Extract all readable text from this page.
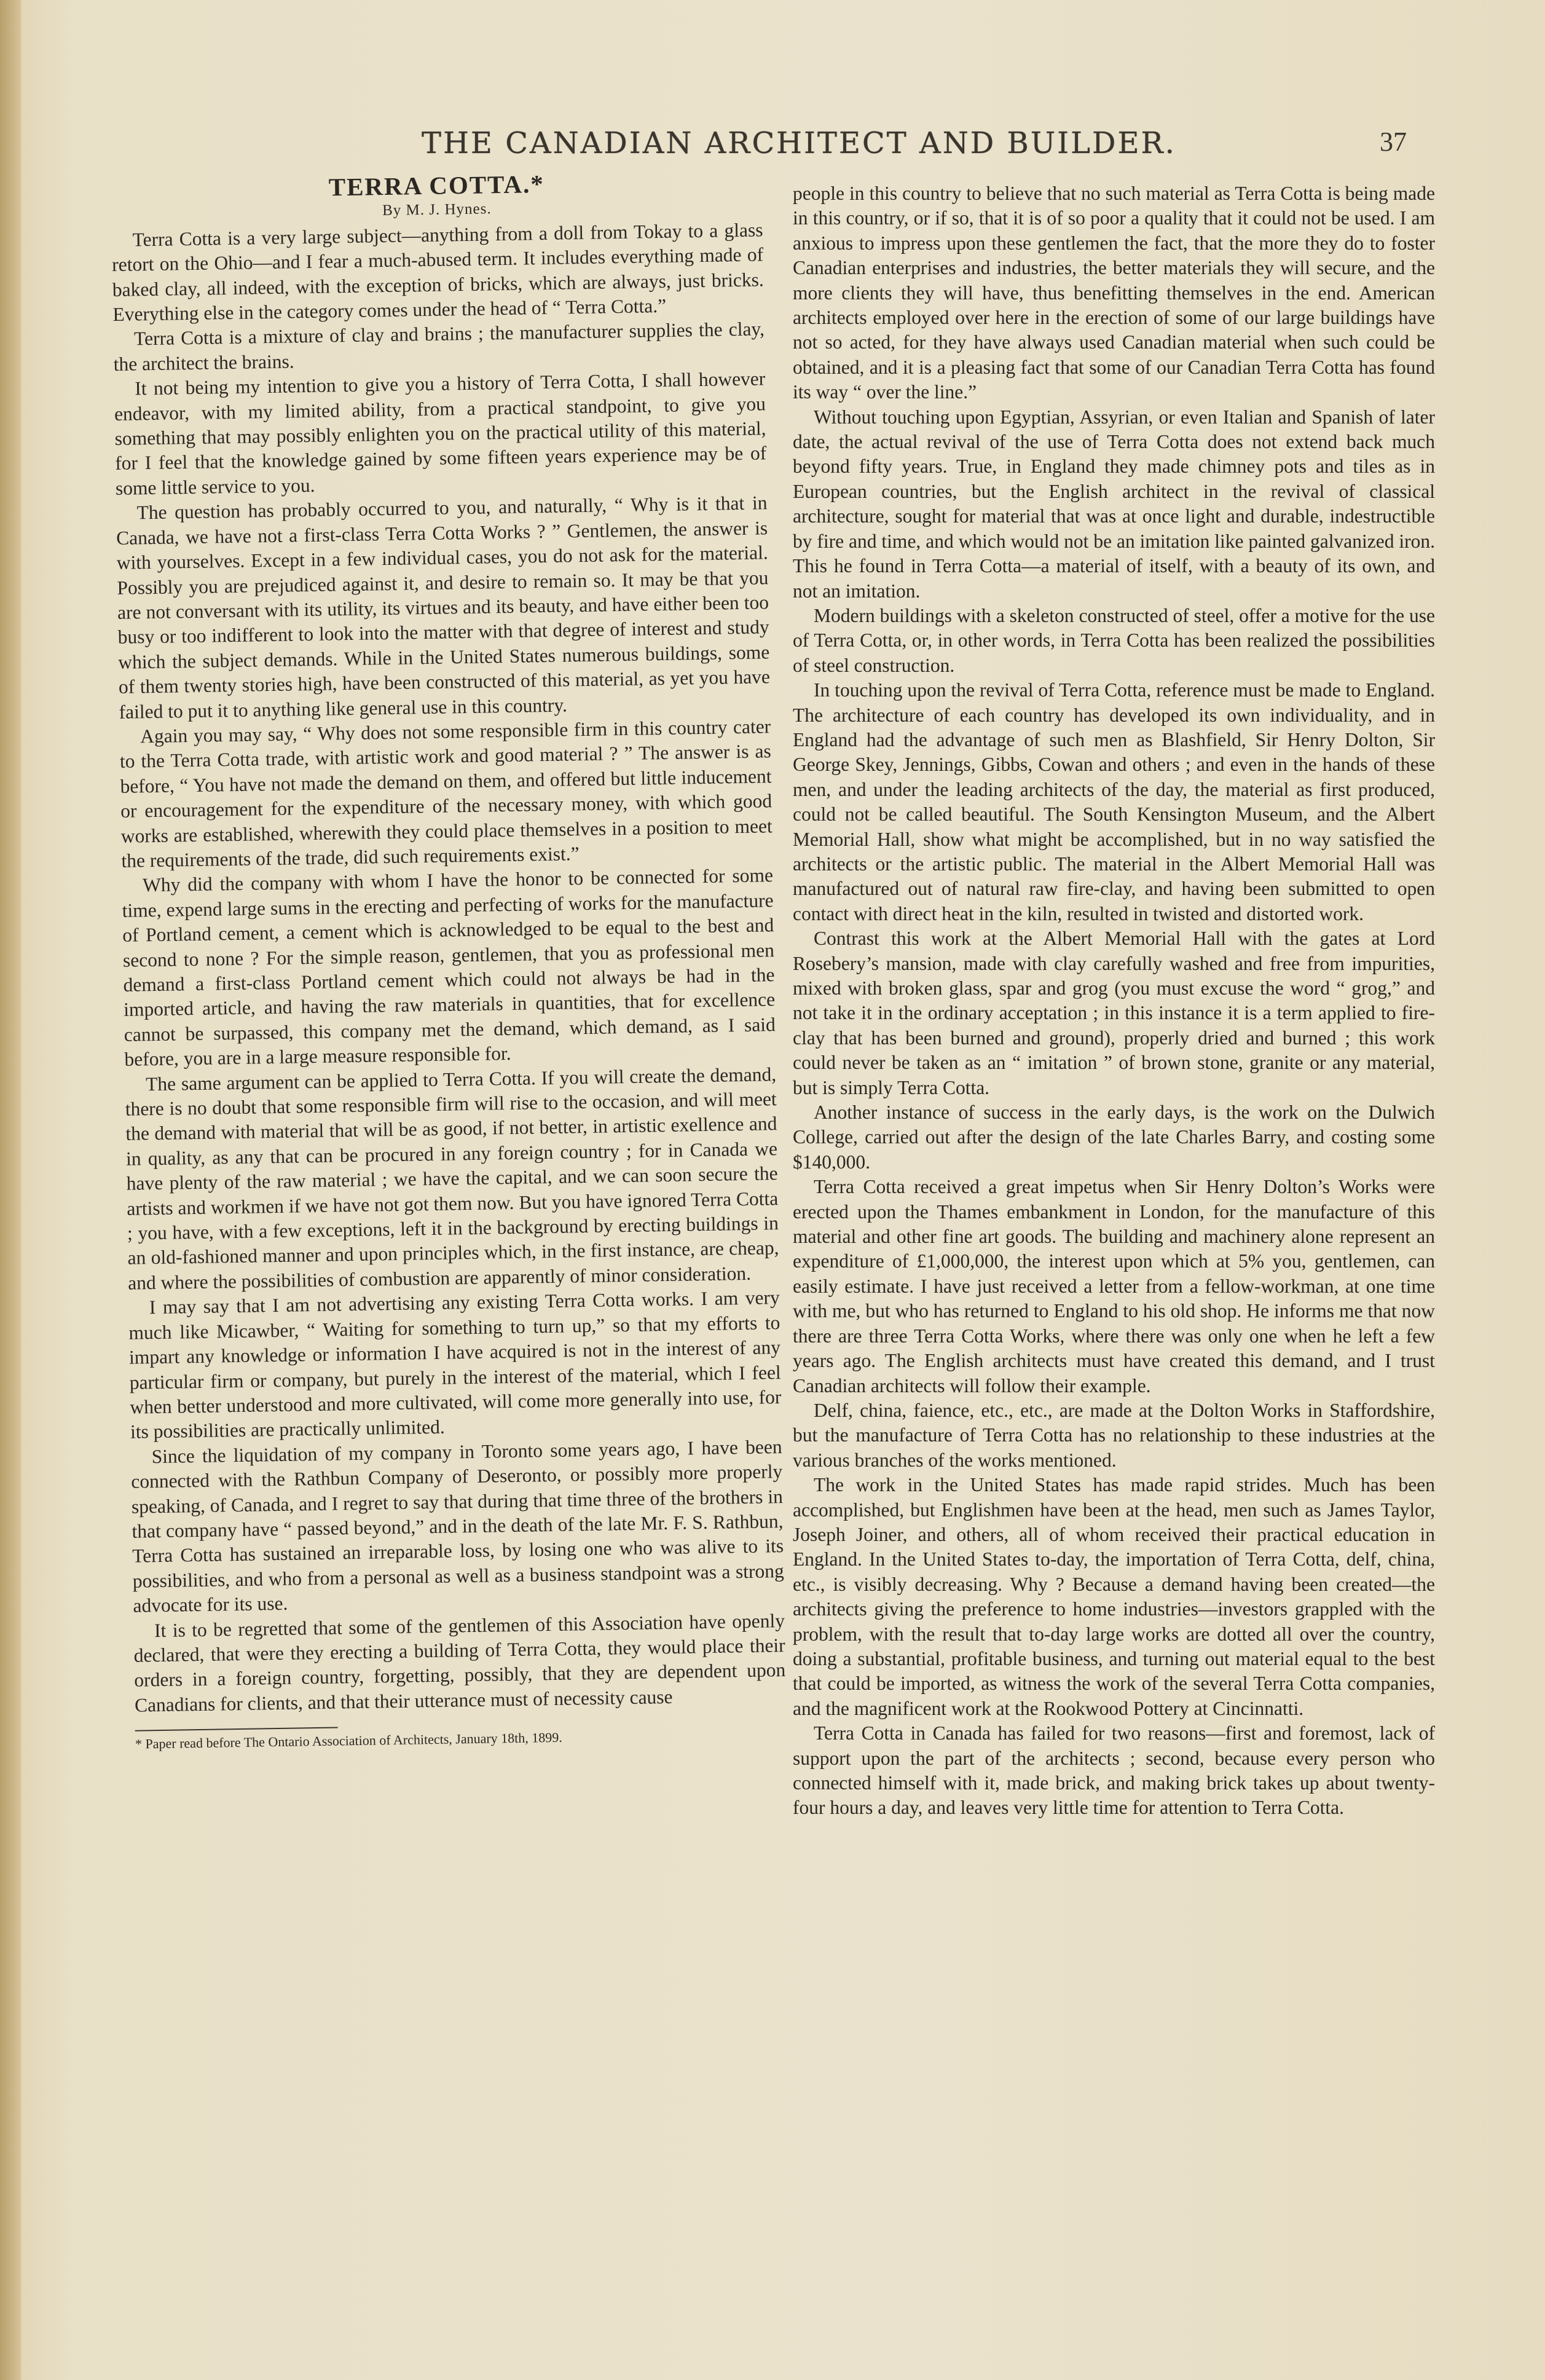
THE CANADIAN ARCHITECT AND BUILDER.	37

TERRA COTTA.*

By M. J. Hynes.

Terra Cotta is a very large subject—anything from a doll from Tokay to a glass retort on the Ohio—and I fear a much-abused term. It includes everything made of baked clay, all indeed, with the exception of bricks, which are always, just bricks. Everything else in the category comes under the head of “ Terra Cotta.”

Terra Cotta is a mixture of clay and brains ; the manufacturer supplies the clay, the architect the brains.

It not being my intention to give you a history of Terra Cotta, I shall however endeavor, with my limited ability, from a practical standpoint, to give you something that may possibly enlighten you on the practical utility of this material, for I feel that the knowledge gained by some fifteen years experience may be of some little service to you.

The question has probably occurred to you, and naturally, “ Why is it that in Canada, we have not a first-class Terra Cotta Works ? ” Gentlemen, the answer is with yourselves. Except in a few individual cases, you do not ask for the material. Possibly you are prejudiced against it, and desire to remain so. It may be that you are not conversant with its utility, its virtues and its beauty, and have either been too busy or too indifferent to look into the matter with that degree of interest and study which the subject demands. While in the United States numerous buildings, some of them twenty stories high, have been constructed of this material, as yet you have failed to put it to anything like general use in this country.

Again you may say, “ Why does not some responsible firm in this country cater to the Terra Cotta trade, with artistic work and good material ? ” The answer is as before, “ You have not made the demand on them, and offered but little inducement or encouragement for the expenditure of the necessary money, with which good works are established, wherewith they could place themselves in a position to meet the requirements of the trade, did such requirements exist.”

Why did the company with whom I have the honor to be connected for some time, expend large sums in the erecting and perfecting of works for the manufacture of Portland cement, a cement which is acknowledged to be equal to the best and second to none ? For the simple reason, gentlemen, that you as professional men demand a first-class Portland cement which could not always be had in the imported article, and having the raw materials in quantities, that for excellence cannot be surpassed, this company met the demand, which demand, as I said before, you are in a large measure responsible for.

The same argument can be applied to Terra Cotta. If you will create the demand, there is no doubt that some responsible firm will rise to the occasion, and will meet the demand with material that will be as good, if not better, in artistic exellence and in quality, as any that can be procured in any foreign country ; for in Canada we have plenty of the raw material ; we have the capital, and we can soon secure the artists and workmen if we have not got them now. But you have ignored Terra Cotta ; you have, with a few exceptions, left it in the background by erecting buildings in an old-fashioned manner and upon principles which, in the first instance, are cheap, and where the possibilities of combustion are apparently of minor consideration.

I may say that I am not advertising any existing Terra Cotta works. I am very much like Micawber, “ Waiting for something to turn up,” so that my efforts to impart any knowledge or information I have acquired is not in the interest of any particular firm or company, but purely in the interest of the material, which I feel when better understood and more cultivated, will come more generally into use, for its possibilities are practically unlimited.

Since the liquidation of my company in Toronto some years ago, I have been connected with the Rathbun Company of Deseronto, or possibly more properly speaking, of Canada, and I regret to say that during that time three of the brothers in that company have “ passed beyond,” and in the death of the late Mr. F. S. Rathbun, Terra Cotta has sustained an irreparable loss, by losing one who was alive to its possibilities, and who from a personal as well as a business standpoint was a strong advocate for its use.

It is to be regretted that some of the gentlemen of this Association have openly declared, that were they erecting a building of Terra Cotta, they would place their orders in a foreign country, forgetting, possibly, that they are dependent upon Canadians for clients, and that their utterance must of necessity cause

* Paper read before The Ontario Association of Architects, January 18th, 1899.

people in this country to believe that no such material as Terra Cotta is being made in this country, or if so, that it is of so poor a quality that it could not be used. I am anxious to impress upon these gentlemen the fact, that the more they do to foster Canadian enterprises and industries, the better materials they will secure, and the more clients they will have, thus benefitting themselves in the end. American architects employed over here in the erection of some of our large buildings have not so acted, for they have always used Canadian material when such could be obtained, and it is a pleasing fact that some of our Canadian Terra Cotta has found its way “ over the line.”

Without touching upon Egyptian, Assyrian, or even Italian and Spanish of later date, the actual revival of the use of Terra Cotta does not extend back much beyond fifty years. True, in England they made chimney pots and tiles as in European countries, but the English architect in the revival of classical architecture, sought for material that was at once light and durable, indestructible by fire and time, and which would not be an imitation like painted galvanized iron. This he found in Terra Cotta—a material of itself, with a beauty of its own, and not an imitation.

Modern buildings with a skeleton constructed of steel, offer a motive for the use of Terra Cotta, or, in other words, in Terra Cotta has been realized the possibilities of steel construction.

In touching upon the revival of Terra Cotta, reference must be made to England. The architecture of each country has developed its own individuality, and in England had the advantage of such men as Blashfield, Sir Henry Dolton, Sir George Skey, Jennings, Gibbs, Cowan and others ; and even in the hands of these men, and under the leading architects of the day, the material as first produced, could not be called beautiful. The South Kensington Museum, and the Albert Memorial Hall, show what might be accomplished, but in no way satisfied the architects or the artistic public. The material in the Albert Memorial Hall was manufactured out of natural raw fire-clay, and having been submitted to open contact with direct heat in the kiln, resulted in twisted and distorted work.

Contrast this work at the Albert Memorial Hall with the gates at Lord Rosebery’s mansion, made with clay carefully washed and free from impurities, mixed with broken glass, spar and grog (you must excuse the word “ grog,” and not take it in the ordinary acceptation ; in this instance it is a term applied to fire-clay that has been burned and ground), properly dried and burned ; this work could never be taken as an “ imitation ” of brown stone, granite or any material, but is simply Terra Cotta.

Another instance of success in the early days, is the work on the Dulwich College, carried out after the design of the late Charles Barry, and costing some $140,000.

Terra Cotta received a great impetus when Sir Henry Dolton’s Works were erected upon the Thames embankment in London, for the manufacture of this material and other fine art goods. The building and machinery alone represent an expenditure of £1,000,000, the interest upon which at 5% you, gentlemen, can easily estimate. I have just received a letter from a fellow-workman, at one time with me, but who has returned to England to his old shop. He informs me that now there are three Terra Cotta Works, where there was only one when he left a few years ago. The English architects must have created this demand, and I trust Canadian architects will follow their example.

Delf, china, faience, etc., etc., are made at the Dolton Works in Staffordshire, but the manufacture of Terra Cotta has no relationship to these industries at the various branches of the works mentioned.

The work in the United States has made rapid strides. Much has been accomplished, but Englishmen have been at the head, men such as James Taylor, Joseph Joiner, and others, all of whom received their practical education in England. In the United States to-day, the importation of Terra Cotta, delf, china, etc., is visibly decreasing. Why ? Because a demand having been created—the architects giving the preference to home industries—investors grappled with the problem, with the result that to-day large works are dotted all over the country, doing a substantial, profitable business, and turning out material equal to the best that could be imported, as witness the work of the several Terra Cotta companies, and the magnificent work at the Rookwood Pottery at Cincinnatti.

Terra Cotta in Canada has failed for two reasons—first and foremost, lack of support upon the part of the architects ; second, because every person who connected himself with it, made brick, and making brick takes up about twenty-four hours a day, and leaves very little time for attention to Terra Cotta.
